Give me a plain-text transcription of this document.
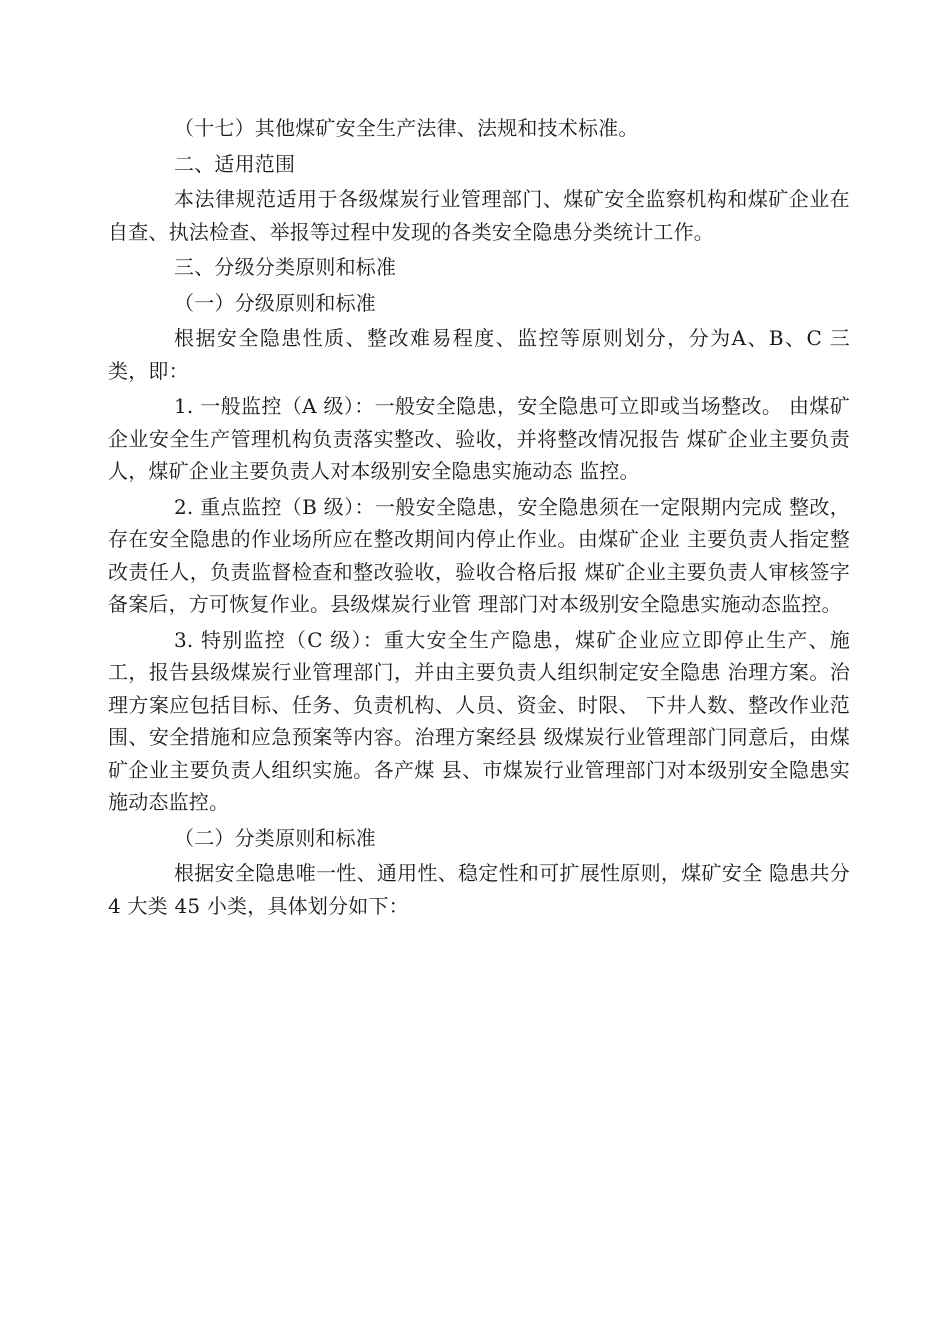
（十七）其他煤矿安全生产法律、法规和技术标准。

二、适用范围

本法律规范适用于各级煤炭行业管理部门、煤矿安全监察机构和煤矿企业在自查、执法检查、举报等过程中发现的各类安全隐患分类统计工作。

三、分级分类原则和标准

（一）分级原则和标准

根据安全隐患性质、整改难易程度、监控等原则划分，分为A、B、C 三类，即：

1. 一般监控（A 级）：一般安全隐患，安全隐患可立即或当场整改。 由煤矿企业安全生产管理机构负责落实整改、验收，并将整改情况报告 煤矿企业主要负责人，煤矿企业主要负责人对本级别安全隐患实施动态 监控。

2. 重点监控（B 级）：一般安全隐患，安全隐患须在一定限期内完成 整改，存在安全隐患的作业场所应在整改期间内停止作业。由煤矿企业 主要负责人指定整改责任人，负责监督检查和整改验收，验收合格后报 煤矿企业主要负责人审核签字备案后，方可恢复作业。县级煤炭行业管 理部门对本级别安全隐患实施动态监控。

3. 特别监控（C 级）：重大安全生产隐患，煤矿企业应立即停止生产、施工，报告县级煤炭行业管理部门，并由主要负责人组织制定安全隐患 治理方案。治理方案应包括目标、任务、负责机构、人员、资金、时限、 下井人数、整改作业范围、安全措施和应急预案等内容。治理方案经县 级煤炭行业管理部门同意后，由煤矿企业主要负责人组织实施。各产煤 县、市煤炭行业管理部门对本级别安全隐患实施动态监控。

（二）分类原则和标准

根据安全隐患唯一性、通用性、稳定性和可扩展性原则，煤矿安全 隐患共分 4 大类 45 小类，具体划分如下：
